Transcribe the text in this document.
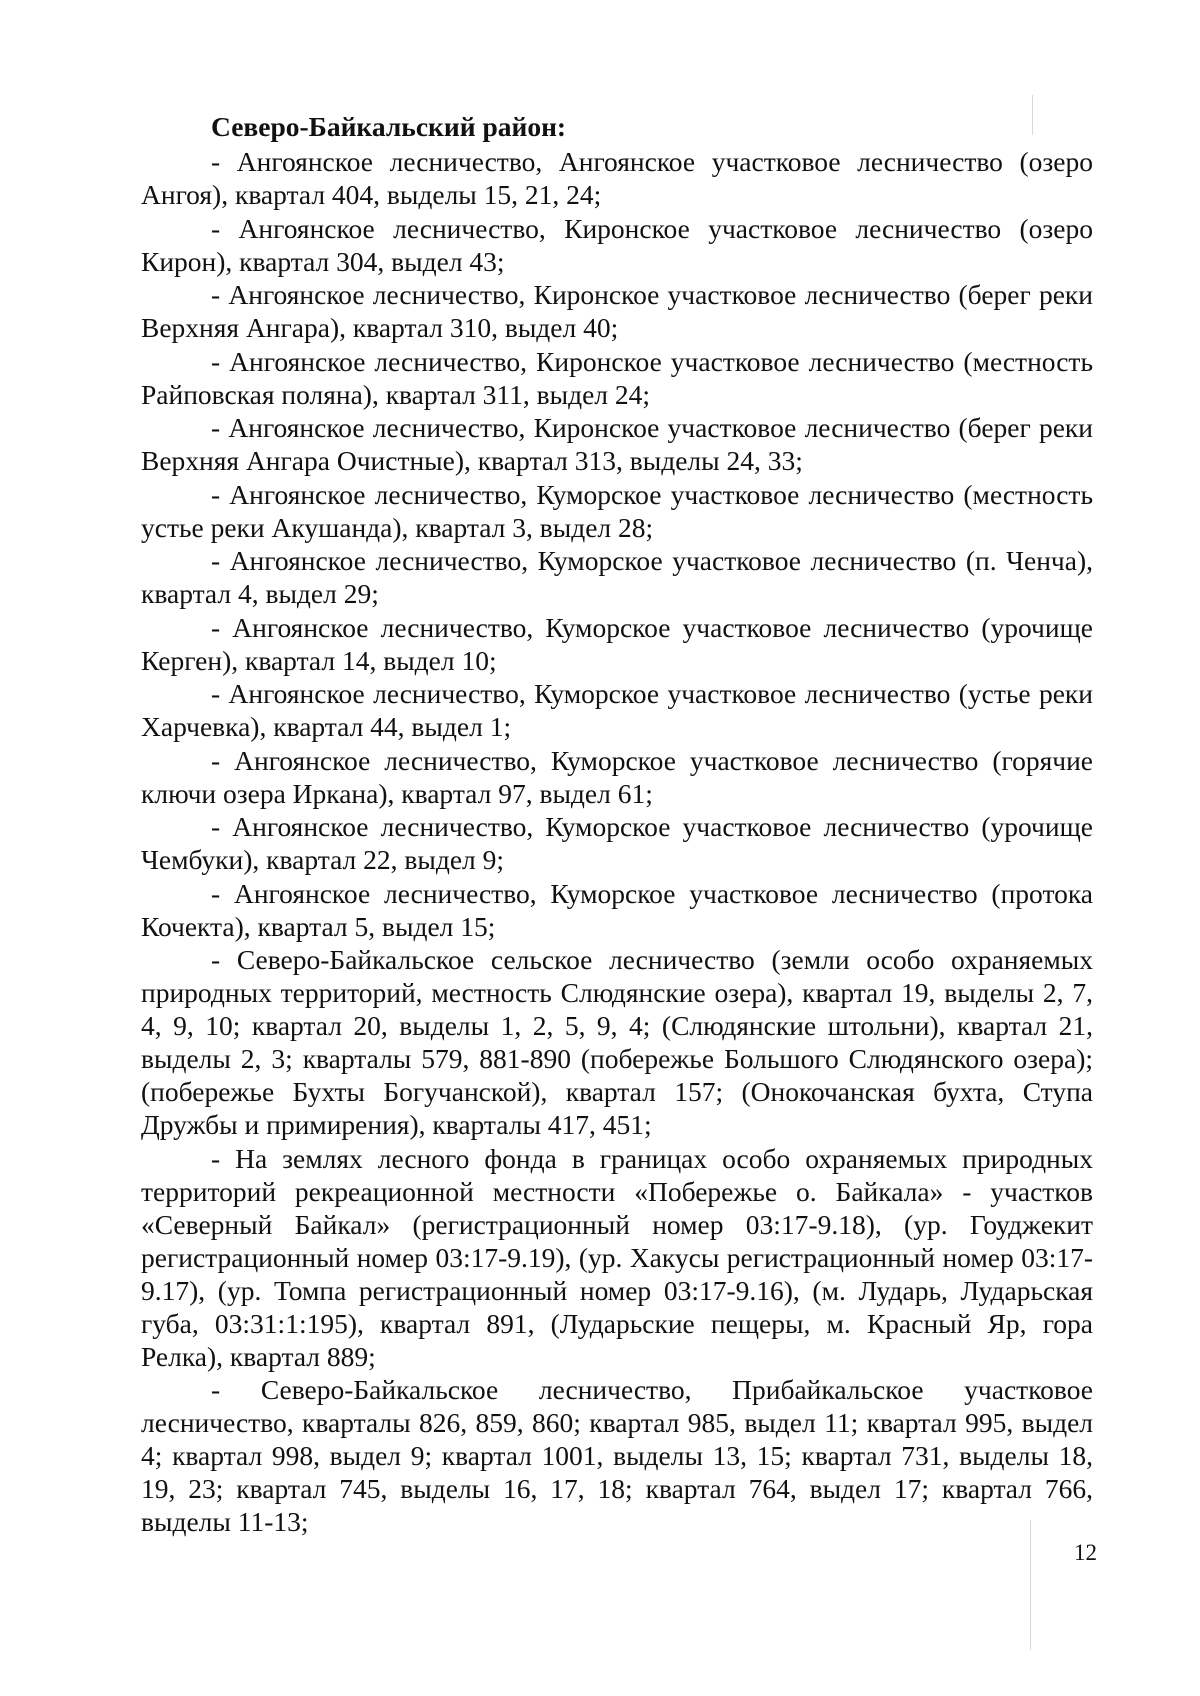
Северо-Байкальский район:

- Ангоянское лесничество, Ангоянское участковое лесничество (озеро Ангоя), квартал 404, выделы 15, 21, 24;

- Ангоянское лесничество, Киронское участковое лесничество (озеро Кирон), квартал 304, выдел 43;

- Ангоянское лесничество, Киронское участковое лесничество (берег реки Верхняя Ангара), квартал 310, выдел 40;

- Ангоянское лесничество, Киронское участковое лесничество (местность Райповская поляна), квартал 311, выдел 24;

- Ангоянское лесничество, Киронское участковое лесничество (берег реки Верхняя Ангара Очистные), квартал 313, выделы 24, 33;

- Ангоянское лесничество, Куморское участковое лесничество (местность устье реки Акушанда), квартал 3, выдел 28;

- Ангоянское лесничество, Куморское участковое лесничество (п. Ченча), квартал 4, выдел 29;

- Ангоянское лесничество, Куморское участковое лесничество (урочище Керген), квартал 14, выдел 10;

- Ангоянское лесничество, Куморское участковое лесничество (устье реки Харчевка), квартал 44, выдел 1;

- Ангоянское лесничество, Куморское участковое лесничество (горячие ключи озера Иркана), квартал 97, выдел 61;

- Ангоянское лесничество, Куморское участковое лесничество (урочище Чембуки), квартал 22, выдел 9;

- Ангоянское лесничество, Куморское участковое лесничество (протока Кочекта), квартал 5, выдел 15;

- Северо-Байкальское сельское лесничество (земли особо охраняемых природных территорий, местность Слюдянские озера), квартал 19, выделы 2, 7, 4, 9, 10; квартал 20, выделы 1, 2, 5, 9, 4; (Слюдянские штольни), квартал 21, выделы 2, 3; кварталы 579, 881-890 (побережье Большого Слюдянского озера); (побережье Бухты Богучанской), квартал 157; (Онокочанская бухта, Ступа Дружбы и примирения), кварталы 417, 451;

- На землях лесного фонда в границах особо охраняемых природных территорий рекреационной местности «Побережье о. Байкала» - участков «Северный Байкал» (регистрационный номер 03:17-9.18), (ур. Гоуджекит регистрационный номер 03:17-9.19), (ур. Хакусы регистрационный номер 03:17-9.17), (ур. Томпа регистрационный номер 03:17-9.16), (м. Лударь, Лударьская губа, 03:31:1:195), квартал 891, (Лударьские пещеры, м. Красный Яр, гора Релка), квартал 889;

- Северо-Байкальское лесничество, Прибайкальское участковое лесничество, кварталы 826, 859, 860; квартал 985, выдел 11; квартал 995, выдел 4; квартал 998, выдел 9; квартал 1001, выделы 13, 15; квартал 731, выделы 18, 19, 23; квартал 745, выделы 16, 17, 18; квартал 764, выдел 17; квартал 766, выделы 11-13;

12
